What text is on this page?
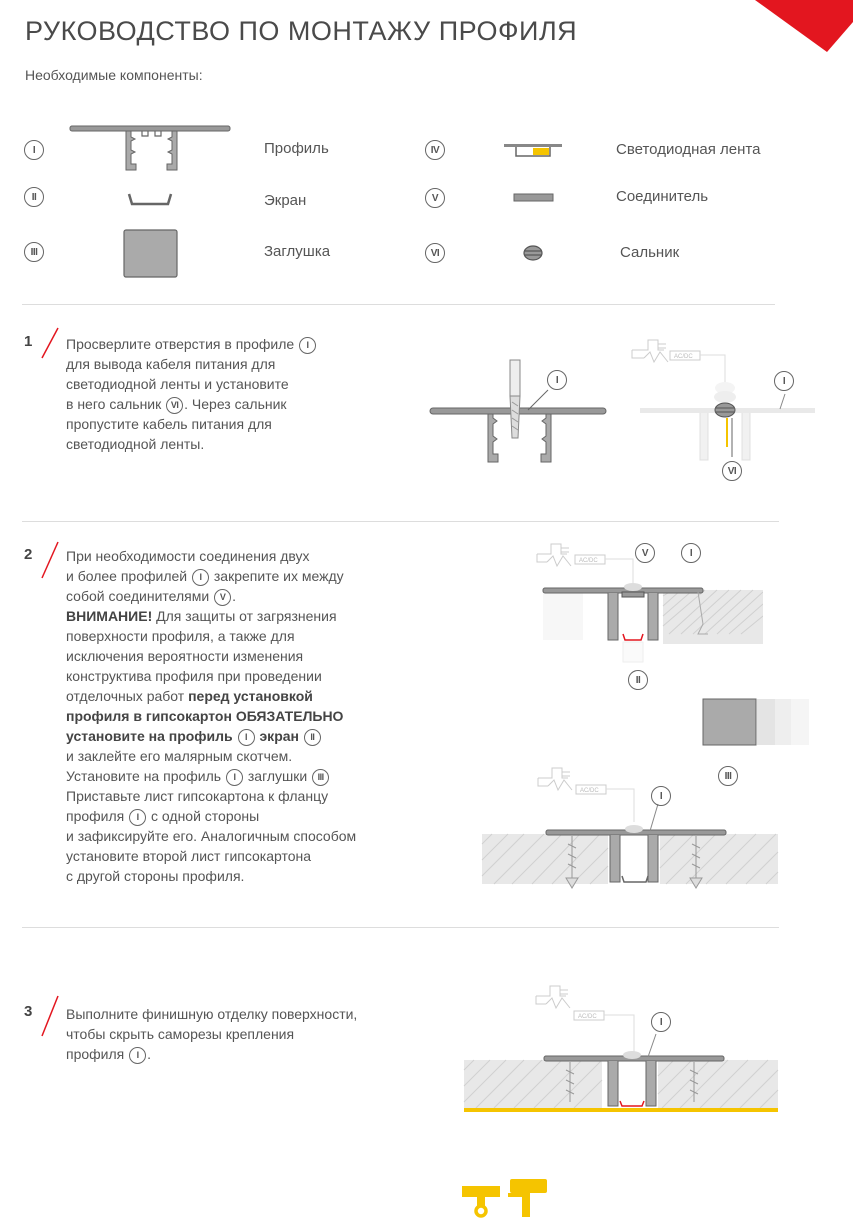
РУКОВОДСТВО ПО МОНТАЖУ ПРОФИЛЯ
Необходимые компоненты:
I	Профиль
II	Экран
III	Заглушка
IV	Светодиодная лента
V	Соединитель
VI	Сальник
1 Просверлите отверстия в профиле I
для вывода кабеля питания для
светодиодной ленты и установите
в него сальник VI . Через сальник
пропустите кабель питания для
светодиодной ленты.
I
AC/DC
I
VI
2 При необходимости соединения двух
и более профилей I закрепите их между
собой соединителями V .
ВНИМАНИЕ! Для защиты от загрязнения
поверхности профиля, а также для
исключения вероятности изменения
конструктива профиля при проведении
отделочных работ перед установкой
профиля в гипсокартон ОБЯЗАТЕЛЬНО
установите на профиль I экран II
и заклейте его малярным скотчем.
Установите на профиль I заглушки III
Приставьте лист гипсокартона к фланцу
профиля I с одной стороны
и зафиксируйте его. Аналогичным способом
установите второй лист гипсокартона
с другой стороны профиля.
AC/DC
V	I
II
III
AC/DC	I
3 Выполните финишную отделку поверхности,
чтобы скрыть саморезы крепления
профиля I .
AC/DC	I
